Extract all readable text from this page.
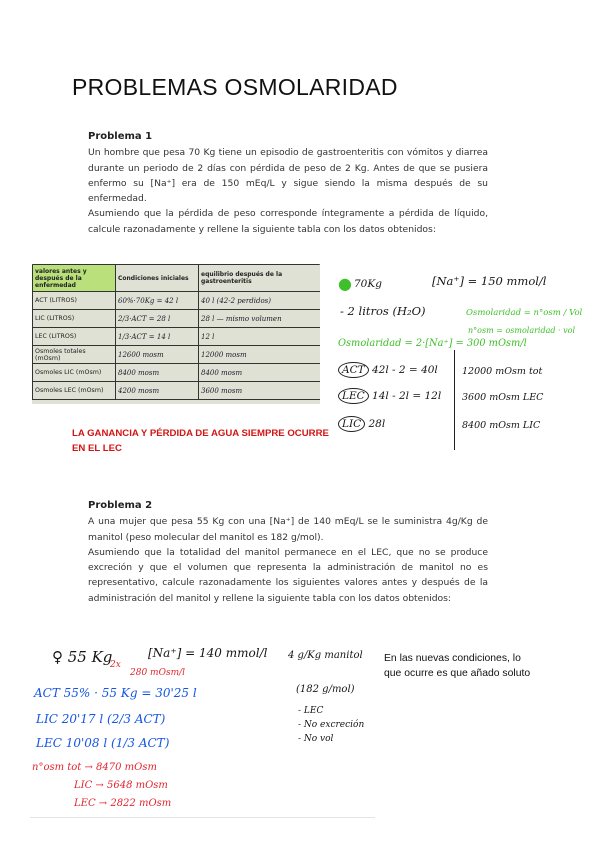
PROBLEMAS OSMOLARIDAD
Problema 1

Un hombre que pesa 70 Kg tiene un episodio de gastroenteritis con vómitos y diarrea durante un periodo de 2 días con pérdida de peso de 2 Kg. Antes de que se pusiera enfermo su [Na⁺] era de 150 mEq/L y sigue siendo la misma después de su enfermedad.

Asumiendo que la pérdida de peso corresponde íntegramente a pérdida de líquido, calcule razonadamente y rellene la siguiente tabla con los datos obtenidos:

valores antes y después de la enfermedad	Condiciones iniciales	equilibrio después de la gastroenteritis
ACT (LITROS)	60%·70Kg = 42 l	40 l (42-2 perdidos)
LIC (LITROS)	2/3·ACT = 28 l	28 l — mismo volumen
LEC (LITROS)	1/3·ACT = 14 l	12 l
Osmoles totales (mOsm)	12600 mosm	12000 mosm
Osmoles LIC (mOsm)	8400 mosm	8400 mosm
Osmoles LEC (mOsm)	4200 mosm	3600 mosm
● 70Kg	[Na⁺] = 150 mmol/l
- 2 litros (H₂O)	Osmolaridad = n°osm / Vol
Osmolaridad = 2·[Na⁺] = 300 mOsm/l
n°osm = osmolaridad · vol
ACT 42l - 2 = 40l
LEC 14l - 2l = 12l
LIC 28l
12000 mOsm tot
3600 mOsm LEC
8400 mOsm LIC
LA GANANCIA Y PÉRDIDA DE AGUA SIEMPRE OCURRE EN EL LEC
Problema 2

A una mujer que pesa 55 Kg con una [Na⁺] de 140 mEq/L se le suministra 4g/Kg de manitol (peso molecular del manitol es 182 g/mol).

Asumiendo que la totalidad del manitol permanece en el LEC, que no se produce excreción y que el volumen que representa la administración de manitol no es representativo, calcule razonadamente los siguientes valores antes y después de la administración del manitol y rellene la siguiente tabla con los datos obtenidos:

♀ 55 Kg
2x
[Na⁺] = 140 mmol/l
280 mOsm/l
ACT 55% · 55 Kg = 30'25 l
LIC 20'17 l (2/3 ACT)
LEC 10'08 l (1/3 ACT)
n°osm tot → 8470 mOsm
LIC → 5648 mOsm
LEC → 2822 mOsm
4 g/Kg manitol
(182 g/mol)
- LEC
- No excreción
- No vol
En las nuevas condiciones, lo que ocurre es que añado soluto
